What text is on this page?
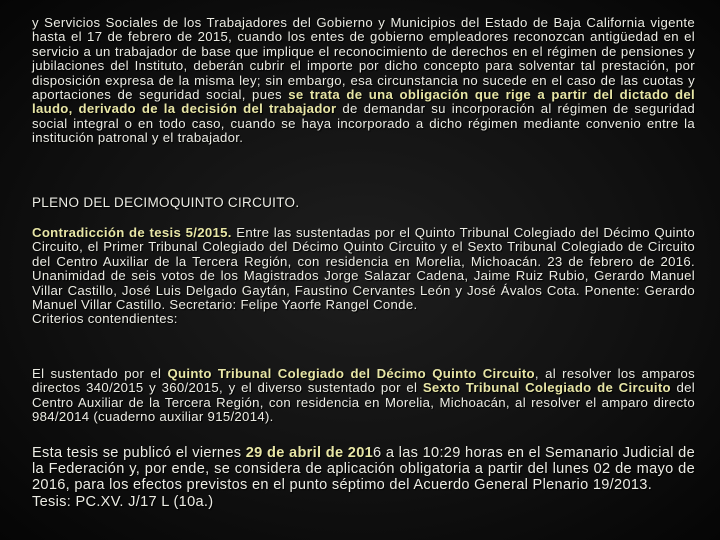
y Servicios Sociales de los Trabajadores del Gobierno y Municipios del Estado de Baja California vigente hasta el 17 de febrero de 2015, cuando los entes de gobierno empleadores reconozcan antigüedad en el servicio a un trabajador de base que implique el reconocimiento de derechos en el régimen de pensiones y jubilaciones del Instituto, deberán cubrir el importe por dicho concepto para solventar tal prestación, por disposición expresa de la misma ley; sin embargo, esa circunstancia no sucede en el caso de las cuotas y aportaciones de seguridad social, pues se trata de una obligación que rige a partir del dictado del laudo, derivado de la decisión del trabajador de demandar su incorporación al régimen de seguridad social integral o en todo caso, cuando se haya incorporado a dicho régimen mediante convenio entre la institución patronal y el trabajador.

PLENO DEL DECIMOQUINTO CIRCUITO.

Contradicción de tesis 5/2015. Entre las sustentadas por el Quinto Tribunal Colegiado del Décimo Quinto Circuito, el Primer Tribunal Colegiado del Décimo Quinto Circuito y el Sexto Tribunal Colegiado de Circuito del Centro Auxiliar de la Tercera Región, con residencia en Morelia, Michoacán. 23 de febrero de 2016. Unanimidad de seis votos de los Magistrados Jorge Salazar Cadena, Jaime Ruiz Rubio, Gerardo Manuel Villar Castillo, José Luis Delgado Gaytán, Faustino Cervantes León y José Ávalos Cota. Ponente: Gerardo Manuel Villar Castillo. Secretario: Felipe Yaorfe Rangel Conde.
Criterios contendientes:

El sustentado por el Quinto Tribunal Colegiado del Décimo Quinto Circuito, al resolver los amparos directos 340/2015 y 360/2015, y el diverso sustentado por el Sexto Tribunal Colegiado de Circuito del Centro Auxiliar de la Tercera Región, con residencia en Morelia, Michoacán, al resolver el amparo directo 984/2014 (cuaderno auxiliar 915/2014).

Esta tesis se publicó el viernes 29 de abril de 2016 a las 10:29 horas en el Semanario Judicial de la Federación y, por ende, se considera de aplicación obligatoria a partir del lunes 02 de mayo de 2016, para los efectos previstos en el punto séptimo del Acuerdo General Plenario 19/2013.
Tesis: PC.XV. J/17 L (10a.)
